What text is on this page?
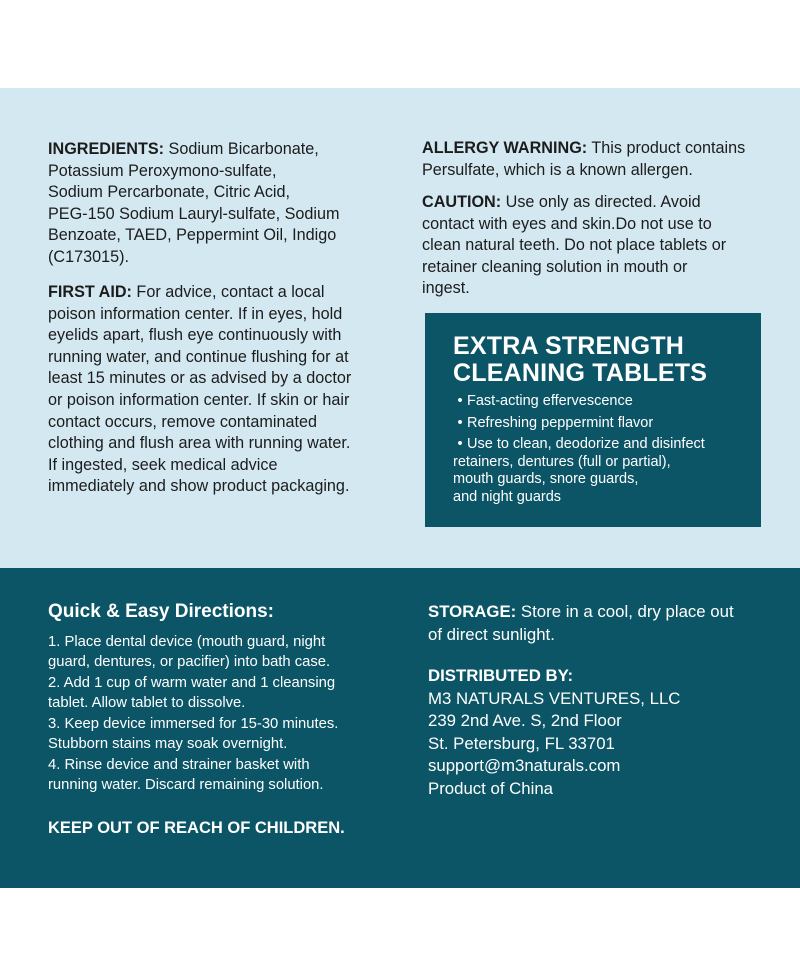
INGREDIENTS: Sodium Bicarbonate,
Potassium Peroxymono-sulfate,
Sodium Percarbonate, Citric Acid,
PEG-150 Sodium Lauryl-sulfate, Sodium
Benzoate, TAED, Peppermint Oil, Indigo
(C173015).
FIRST AID: For advice, contact a local
poison information center. If in eyes, hold
eyelids apart, flush eye continuously with
running water, and continue flushing for at
least 15 minutes or as advised by a doctor
or poison information center. If skin or hair
contact occurs, remove contaminated
clothing and flush area with running water.
If ingested, seek medical advice
immediately and show product packaging.
ALLERGY WARNING: This product contains
Persulfate, which is a known allergen.
CAUTION: Use only as directed. Avoid
contact with eyes and skin.Do not use to
clean natural teeth. Do not place tablets or
retainer cleaning solution in mouth or
ingest.
EXTRA STRENGTH
CLEANING TABLETS
• Fast-acting effervescence
• Refreshing peppermint flavor
• Use to clean, deodorize and disinfect
retainers, dentures (full or partial),
mouth guards, snore guards,
and night guards
Quick & Easy Directions:
1. Place dental device (mouth guard, night
guard, dentures, or pacifier) into bath case.
2. Add 1 cup of warm water and 1 cleansing
tablet. Allow tablet to dissolve.
3. Keep device immersed for 15-30 minutes.
Stubborn stains may soak overnight.
4. Rinse device and strainer basket with
running water. Discard remaining solution.
KEEP OUT OF REACH OF CHILDREN.
STORAGE: Store in a cool, dry place out
of direct sunlight.
DISTRIBUTED BY:
M3 NATURALS VENTURES, LLC
239 2nd Ave. S, 2nd Floor
St. Petersburg, FL 33701
support@m3naturals.com
Product of China
